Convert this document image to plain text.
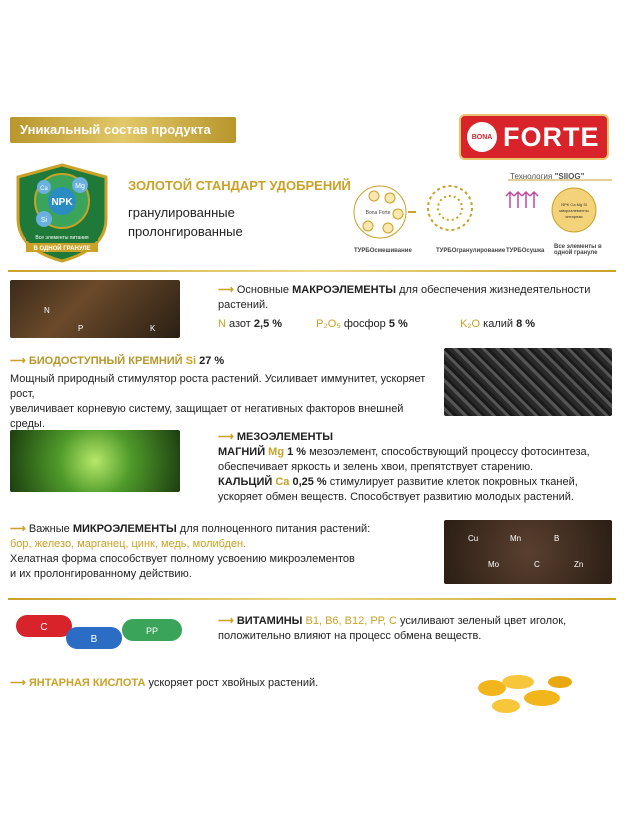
Уникальный состав продукта	BONA FORTE
NPK
Ca	Mg
Si
Все элементы питания
В ОДНОЙ ГРАНУЛЕ
ЗОЛОТОЙ СТАНДАРТ УДОБРЕНИЙ
гранулированные
пролонгированные
Технология "SIIOG"
Bona Forte
NPK Ca Mg Si
микроэлементы
янтарная
ТУРБОсмешивание	ТУРБОгранулирование ТУРБОсушка
Все элементы в одной грануле
N
P	K
⟶ Основные МАКРОЭЛЕМЕНТЫ для обеспечения жизнедеятельности
растений.
N азот 2,5 %	P₂O₅ фосфор 5 %	K₂O калий 8 %
⟶ БИОДОСТУПНЫЙ КРЕМНИЙ Si 27 %
Мощный природный стимулятор роста растений. Усиливает иммунитет, ускоряет рост,
увеличивает корневую систему, защищает от негативных факторов внешней среды.
⟶ МЕЗОЭЛЕМЕНТЫ
МАГНИЙ Mg 1 % мезоэлемент, способствующий процессу фотосинтеза,
обеспечивает яркость и зелень хвои, препятствует старению.
КАЛЬЦИЙ Ca 0,25 % стимулирует развитие клеток покровных тканей,
ускоряет обмен веществ. Способствует развитию молодых растений.
⟶ Важные МИКРОЭЛЕМЕНТЫ для полноценного питания растений:
бор, железо, марганец, цинк, медь, молибден.
Хелатная форма способствует полному усвоению микроэлементов
и их пролонгированному действию.
Cu	Mn	B
Mo	C	Zn
C
B
PP
⟶ ВИТАМИНЫ В1, В6, В12, РР, С усиливают зеленый цвет иголок,
положительно влияют на процесс обмена веществ.
⟶ ЯНТАРНАЯ КИСЛОТА ускоряет рост хвойных растений.
